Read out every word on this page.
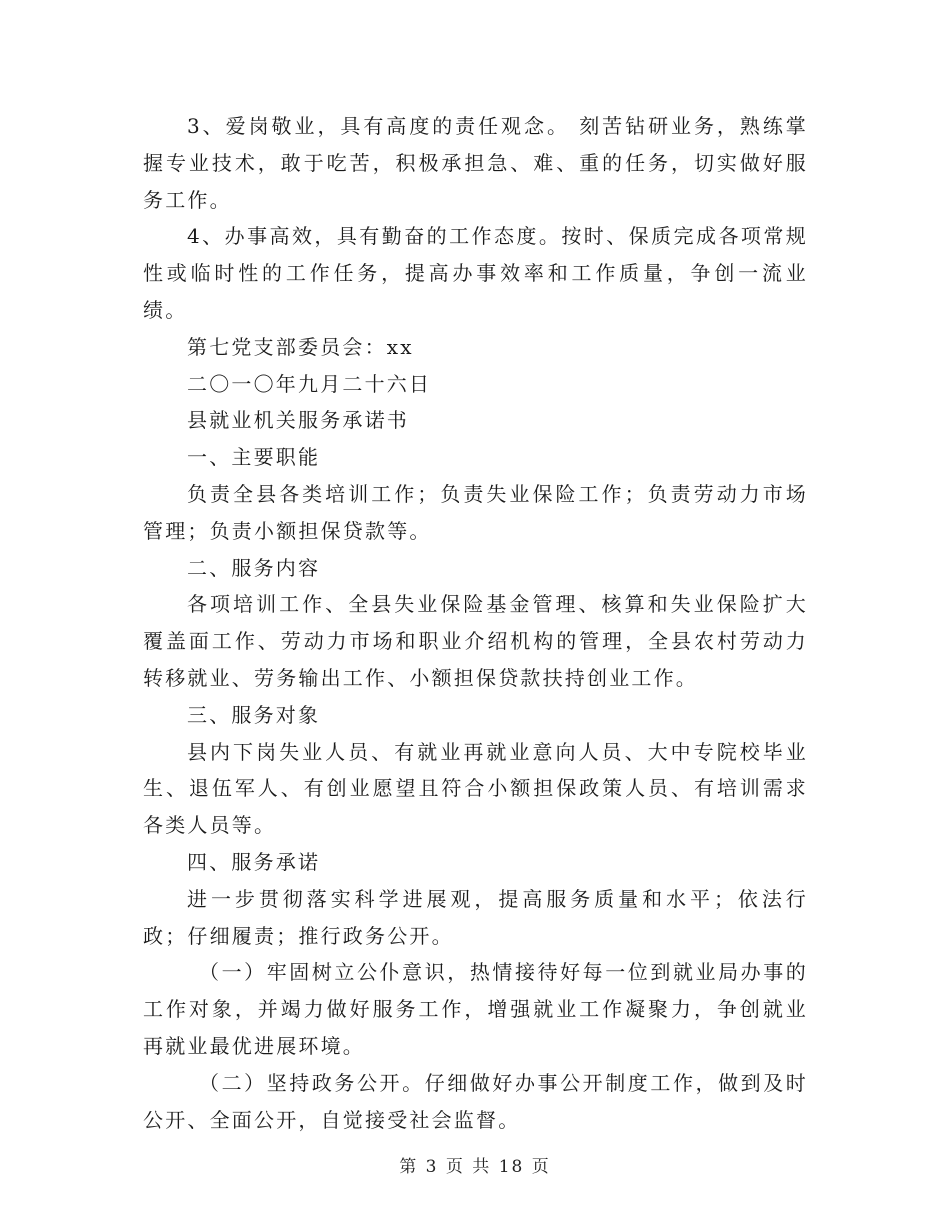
3、爱岗敬业，具有高度的责任观念。 刻苦钻研业务，熟练掌握专业技术，敢于吃苦，积极承担急、难、重的任务，切实做好服务工作。

4、办事高效，具有勤奋的工作态度。按时、保质完成各项常规性或临时性的工作任务，提高办事效率和工作质量，争创一流业绩。

第七党支部委员会：xx

二〇一〇年九月二十六日

县就业机关服务承诺书

一、主要职能

负责全县各类培训工作；负责失业保险工作；负责劳动力市场管理；负责小额担保贷款等。

二、服务内容

各项培训工作、全县失业保险基金管理、核算和失业保险扩大覆盖面工作、劳动力市场和职业介绍机构的管理，全县农村劳动力转移就业、劳务输出工作、小额担保贷款扶持创业工作。

三、服务对象

县内下岗失业人员、有就业再就业意向人员、大中专院校毕业生、退伍军人、有创业愿望且符合小额担保政策人员、有培训需求各类人员等。

四、服务承诺

进一步贯彻落实科学进展观，提高服务质量和水平；依法行政；仔细履责；推行政务公开。

（一）牢固树立公仆意识，热情接待好每一位到就业局办事的工作对象，并竭力做好服务工作，增强就业工作凝聚力，争创就业再就业最优进展环境。

（二）坚持政务公开。仔细做好办事公开制度工作，做到及时公开、全面公开，自觉接受社会监督。

第 3 页 共 18 页
